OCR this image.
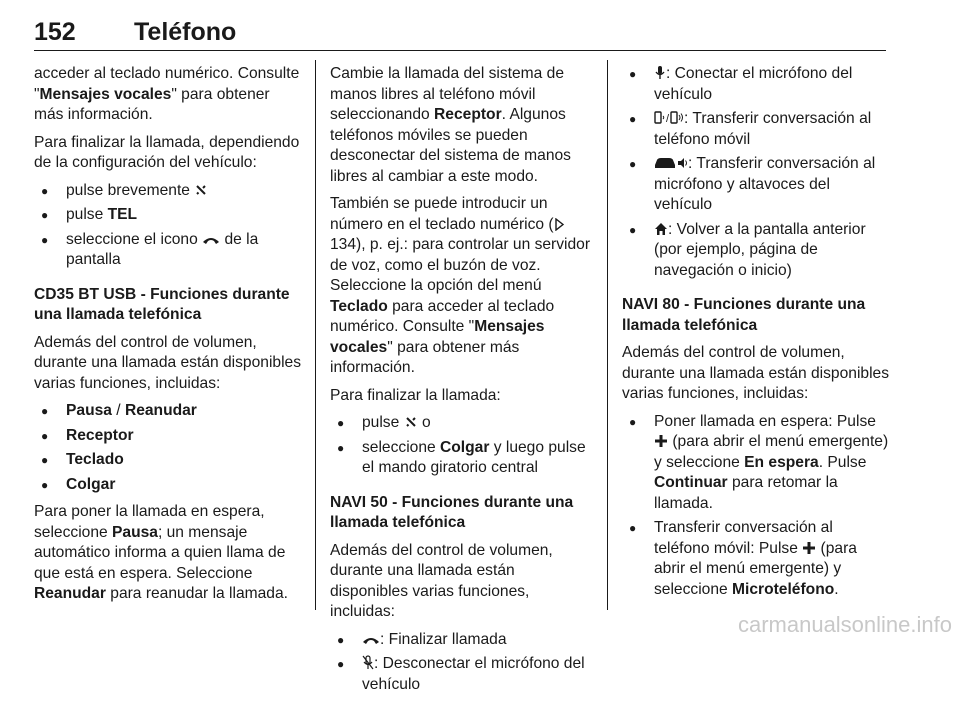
152 Teléfono

acceder al teclado numérico. Consulte "Mensajes vocales" para obtener más información.

Para finalizar la llamada, dependiendo de la configuración del vehículo:

● pulse brevemente
● pulse TEL
● seleccione el icono  de la pantalla

CD35 BT USB - Funciones durante una llamada telefónica

Además del control de volumen, durante una llamada están disponibles varias funciones, incluidas:

● Pausa / Reanudar
● Receptor
● Teclado
● Colgar

Para poner la llamada en espera, seleccione Pausa; un mensaje automático informa a quien llama de que está en espera. Seleccione Reanudar para reanudar la llamada.

Cambie la llamada del sistema de manos libres al teléfono móvil seleccionando Receptor. Algunos teléfonos móviles se pueden desconectar del sistema de manos libres al cambiar a este modo.

También se puede introducir un número en el teclado numérico ( 134), p. ej.: para controlar un servidor de voz, como el buzón de voz. Seleccione la opción del menú Teclado para acceder al teclado numérico. Consulte "Mensajes vocales" para obtener más información.

Para finalizar la llamada:

● pulse  o
● seleccione Colgar y luego pulse el mando giratorio central

NAVI 50 - Funciones durante una llamada telefónica

Además del control de volumen, durante una llamada están disponibles varias funciones, incluidas:

● : Finalizar llamada
● : Desconectar el micrófono del vehículo
● : Conectar el micrófono del vehículo
● / : Transferir conversación al teléfono móvil
● : Transferir conversación al micrófono y altavoces del vehículo
● : Volver a la pantalla anterior (por ejemplo, página de navegación o inicio)

NAVI 80 - Funciones durante una llamada telefónica

Además del control de volumen, durante una llamada están disponibles varias funciones, incluidas:

● Poner llamada en espera: Pulse  (para abrir el menú emergente) y seleccione En espera. Pulse Continuar para retomar la llamada.
● Transferir conversación al teléfono móvil: Pulse  (para abrir el menú emergente) y seleccione Microteléfono.
carmanualsonline.info
